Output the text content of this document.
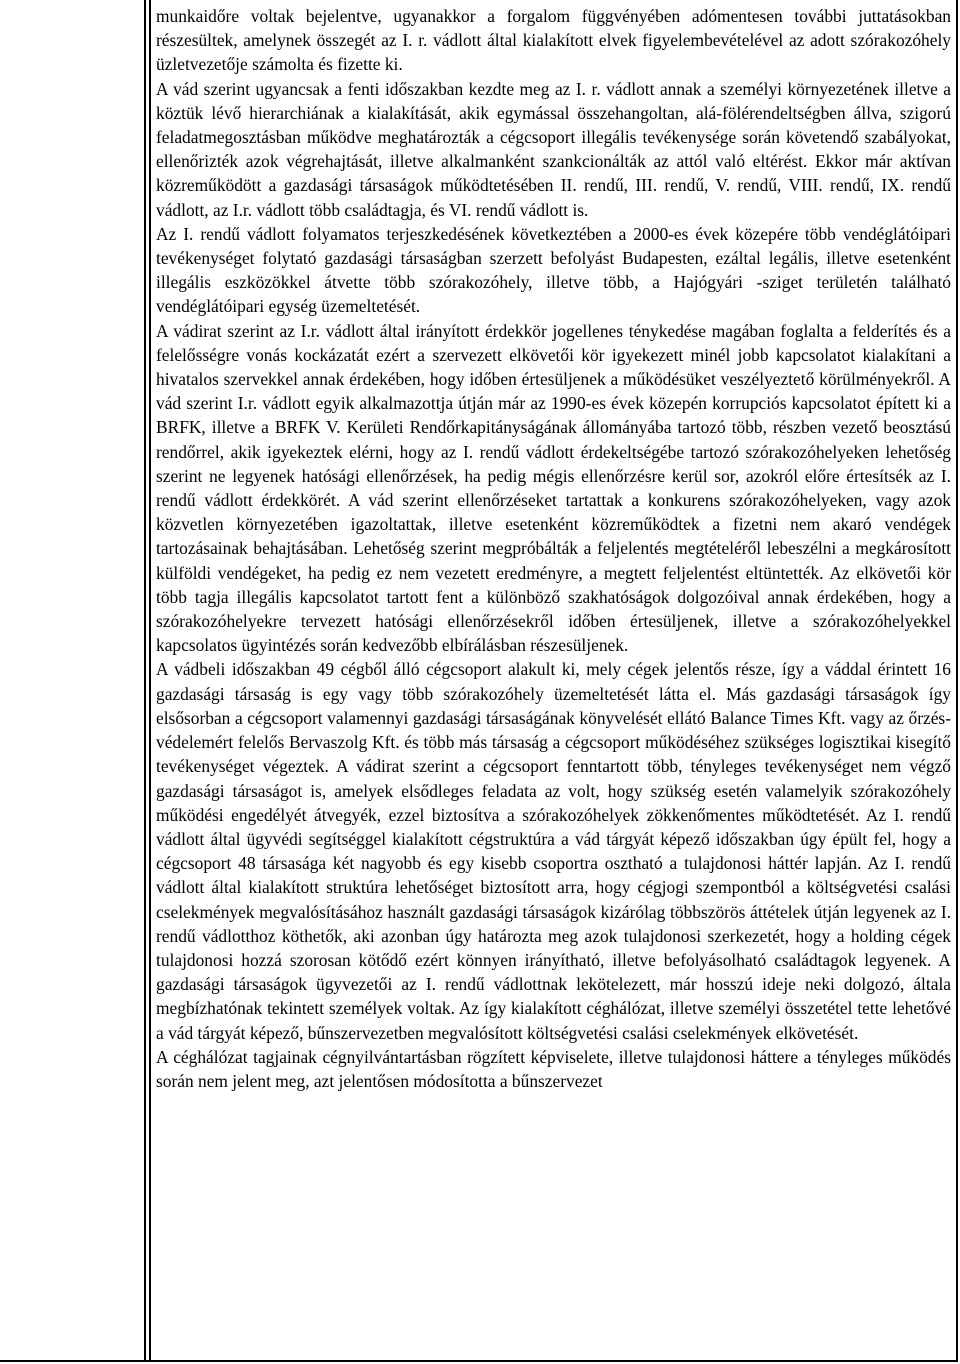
munkaidőre voltak bejelentve, ugyanakkor a forgalom függvényében adómentesen további juttatásokban részesültek, amelynek összegét az I. r. vádlott által kialakított elvek figyelembevételével az adott szórakozóhely üzletvezetője számolta és fizette ki.

A vád szerint ugyancsak a fenti időszakban kezdte meg az I. r. vádlott annak a személyi környezetének illetve a köztük lévő hierarchiának a kialakítását, akik egymással összehangoltan, alá-fölérendeltségben állva, szigorú feladatmegosztásban működve meghatározták a cégcsoport illegális tevékenysége során követendő szabályokat, ellenőrizték azok végrehajtását, illetve alkalmanként szankcionálták az attól való eltérést. Ekkor már aktívan közreműködött a gazdasági társaságok működtetésében II. rendű, III. rendű, V. rendű, VIII. rendű, IX. rendű vádlott, az I.r. vádlott több családtagja, és VI. rendű vádlott is.

Az I. rendű vádlott folyamatos terjeszkedésének következtében a 2000-es évek közepére több vendéglátóipari tevékenységet folytató gazdasági társaságban szerzett befolyást Budapesten, ezáltal legális, illetve esetenként illegális eszközökkel átvette több szórakozóhely, illetve több, a Hajógyári -sziget területén található vendéglátóipari egység üzemeltetését.

A vádirat szerint az I.r. vádlott által irányított érdekkör jogellenes ténykedése magában foglalta a felderítés és a felelősségre vonás kockázatát ezért a szervezett elkövetői kör igyekezett minél jobb kapcsolatot kialakítani a hivatalos szervekkel annak érdekében, hogy időben értesüljenek a működésüket veszélyeztető körülményekről. A vád szerint I.r. vádlott egyik alkalmazottja útján már az 1990-es évek közepén korrupciós kapcsolatot épített ki a BRFK, illetve a BRFK V. Kerületi Rendőrkapitányságának állományába tartozó több, részben vezető beosztású rendőrrel, akik igyekeztek elérni, hogy az I. rendű vádlott érdekeltségébe tartozó szórakozóhelyeken lehetőség szerint ne legyenek hatósági ellenőrzések, ha pedig mégis ellenőrzésre kerül sor, azokról előre értesítsék az I. rendű vádlott érdekkörét. A vád szerint ellenőrzéseket tartattak a konkurens szórakozóhelyeken, vagy azok közvetlen környezetében igazoltattak, illetve esetenként közreműködtek a fizetni nem akaró vendégek tartozásainak behajtásában. Lehetőség szerint megpróbálták a feljelentés megtételéről lebeszélni a megkárosított külföldi vendégeket, ha pedig ez nem vezetett eredményre, a megtett feljelentést eltüntették. Az elkövetői kör több tagja illegális kapcsolatot tartott fent a különböző szakhatóságok dolgozóival annak érdekében, hogy a szórakozóhelyekre tervezett hatósági ellenőrzésekről időben értesüljenek, illetve a szórakozóhelyekkel kapcsolatos ügyintézés során kedvezőbb elbírálásban részesüljenek.

A vádbeli időszakban 49 cégből álló cégcsoport alakult ki, mely cégek jelentős része, így a váddal érintett 16 gazdasági társaság is egy vagy több szórakozóhely üzemeltetését látta el. Más gazdasági társaságok így elsősorban a cégcsoport valamennyi gazdasági társaságának könyvelését ellátó Balance Times Kft. vagy az őrzés-védelemért felelős Bervaszolg Kft. és több más társaság a cégcsoport működéséhez szükséges logisztikai kisegítő tevékenységet végeztek. A vádirat szerint a cégcsoport fenntartott több, tényleges tevékenységet nem végző gazdasági társaságot is, amelyek elsődleges feladata az volt, hogy szükség esetén valamelyik szórakozóhely működési engedélyét átvegyék, ezzel biztosítva a szórakozóhelyek zökkenőmentes működtetését. Az I. rendű vádlott által ügyvédi segítséggel kialakított cégstruktúra a vád tárgyát képező időszakban úgy épült fel, hogy a cégcsoport 48 társasága két nagyobb és egy kisebb csoportra osztható a tulajdonosi háttér lapján. Az I. rendű vádlott által kialakított struktúra lehetőséget biztosított arra, hogy cégjogi szempontból a költségvetési csalási cselekmények megvalósításához használt gazdasági társaságok kizárólag többszörös áttételek útján legyenek az I. rendű vádlotthoz köthetők, aki azonban úgy határozta meg azok tulajdonosi szerkezetét, hogy a holding cégek tulajdonosi hozzá szorosan kötődő ezért könnyen irányítható, illetve befolyásolható családtagok legyenek. A gazdasági társaságok ügyvezetői az I. rendű vádlottnak lekötelezett, már hosszú ideje neki dolgozó, általa megbízhatónak tekintett személyek voltak. Az így kialakított céghálózat, illetve személyi összetétel tette lehetővé a vád tárgyát képező, bűnszervezetben megvalósított költségvetési csalási cselekmények elkövetését.

A céghálózat tagjainak cégnyilvántartásban rögzített képviselete, illetve tulajdonosi háttere a tényleges működés során nem jelent meg, azt jelentősen módosította a bűnszervezet
